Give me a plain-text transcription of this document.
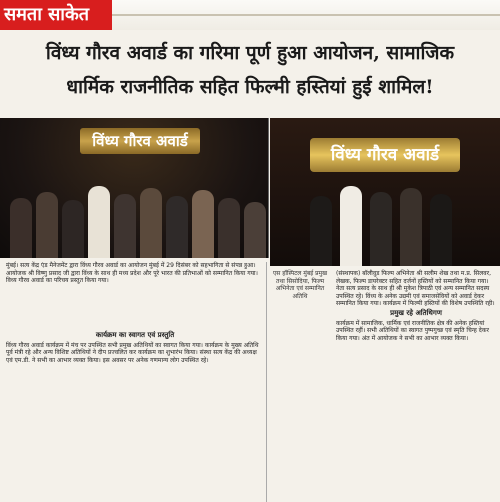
समता साकेत
विंध्य गौरव अवार्ड का गरिमा पूर्ण हुआ आयोजन, सामाजिक
धार्मिक राजनीतिक सहित फिल्मी हस्तियां हुई शामिल!
विंध्य गौरव अवार्ड
विंध्य गौरव अवार्ड

मुंबई। सत्य केंद्र एंड मैनेजमेंट द्वारा विंध्य गौरव अवार्ड का आयोजन मुंबई में 29 दिसंबर को सहभागिता से संपन्न हुआ। आयोजक श्री विष्णु प्रसाद जी द्वारा विंध्य के साथ ही मध्य प्रदेश और पूरे भारत की प्रतिभाओं को सम्मानित किया गया। विध्य गौरव अवार्ड का परिचय प्रस्तुत किया गया।

कार्यक्रम का स्वागत एवं प्रस्तुति

विंध्य गौरव अवार्ड कार्यक्रम में मंच पर उपस्थित सभी प्रमुख अतिथियों का स्वागत किया गया। कार्यक्रम के मुख्य अतिथि पूर्व मंत्री रहे और अन्य विशिष्ट अतिथियों ने दीप प्रज्वलित कर कार्यक्रम का शुभारंभ किया। संस्था सत्य केंद्र की अध्यक्ष एवं एम.डी. ने सभी का आभार व्यक्त किया। इस अवसर पर अनेक गणमान्य लोग उपस्थित रहे।

एस हॉस्पिटल मुंबई प्रमुख तथा सिसोदिया, फिल्म अभिनेता एवं सम्मानित अतिथि

(संस्थापक) बॉलीवुड फिल्म अभिनेता श्री सलीम शेख तथा म.प्र. सिलवर, लेखक, फिल्म डायरेक्टर सहित दर्जनों हस्तियों को सम्मानित किया गया। नेता सत्य प्रसाद के साथ ही श्री मुकेश त्रिपाठी एवं अन्य सम्मानित सदस्य उपस्थित रहे। विंध्य के अनेक उद्यमी एवं समाजसेवियों को अवार्ड देकर सम्मानित किया गया। कार्यक्रम में फिल्मी हस्तियों की विशेष उपस्थिति रही।

प्रमुख रहे अतिथिगण

कार्यक्रम में सामाजिक, धार्मिक एवं राजनीतिक क्षेत्र की अनेक हस्तियां उपस्थित रहीं। सभी अतिथियों का स्वागत पुष्पगुच्छ एवं स्मृति चिन्ह देकर किया गया। अंत में आयोजक ने सभी का आभार व्यक्त किया।
